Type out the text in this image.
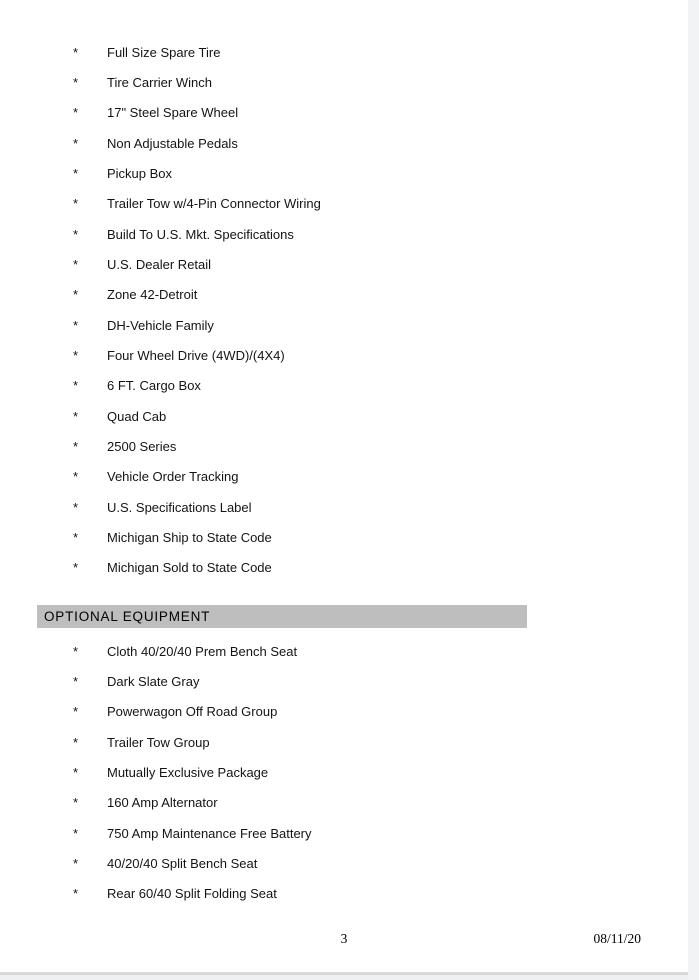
*	Full Size Spare Tire
*	Tire Carrier Winch
*	17" Steel Spare Wheel
*	Non Adjustable Pedals
*	Pickup Box
*	Trailer Tow w/4-Pin Connector Wiring
*	Build To U.S. Mkt. Specifications
*	U.S. Dealer Retail
*	Zone 42-Detroit
*	DH-Vehicle Family
*	Four Wheel Drive (4WD)/(4X4)
*	6 FT. Cargo Box
*	Quad Cab
*	2500 Series
*	Vehicle Order Tracking
*	U.S. Specifications Label
*	Michigan Ship to State Code
*	Michigan Sold to State Code
OPTIONAL EQUIPMENT
*	Cloth 40/20/40 Prem Bench Seat
*	Dark Slate Gray
*	Powerwagon Off Road Group
*	Trailer Tow Group
*	Mutually Exclusive Package
*	160 Amp Alternator
*	750 Amp Maintenance Free Battery
*	40/20/40 Split Bench Seat
*	Rear 60/40 Split Folding Seat
3	08/11/20
